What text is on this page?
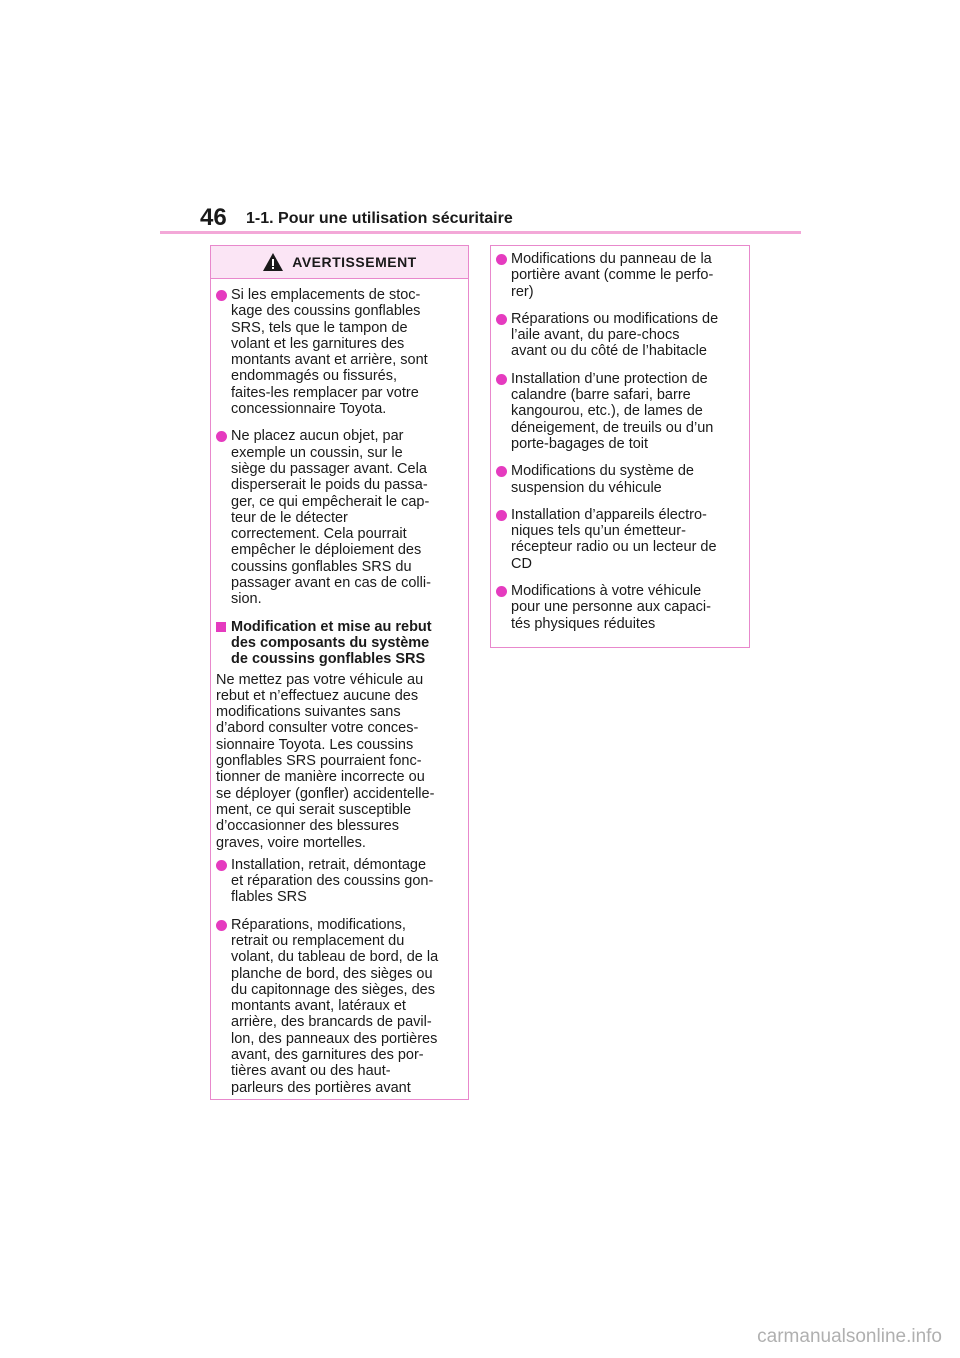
46 1-1. Pour une utilisation sécuritaire
AVERTISSEMENT
Si les emplacements de stoc-
kage des coussins gonflables
SRS, tels que le tampon de
volant et les garnitures des
montants avant et arrière, sont
endommagés ou fissurés,
faites-les remplacer par votre
concessionnaire Toyota.
Ne placez aucun objet, par
exemple un coussin, sur le
siège du passager avant. Cela
disperserait le poids du passa-
ger, ce qui empêcherait le cap-
teur de le détecter
correctement. Cela pourrait
empêcher le déploiement des
coussins gonflables SRS du
passager avant en cas de colli-
sion.
Modification et mise au rebut
des composants du système
de coussins gonflables SRS
Ne mettez pas votre véhicule au
rebut et n’effectuez aucune des
modifications suivantes sans
d’abord consulter votre conces-
sionnaire Toyota. Les coussins
gonflables SRS pourraient fonc-
tionner de manière incorrecte ou
se déployer (gonfler) accidentelle-
ment, ce qui serait susceptible
d’occasionner des blessures
graves, voire mortelles.
Installation, retrait, démontage
et réparation des coussins gon-
flables SRS
Réparations, modifications,
retrait ou remplacement du
volant, du tableau de bord, de la
planche de bord, des sièges ou
du capitonnage des sièges, des
montants avant, latéraux et
arrière, des brancards de pavil-
lon, des panneaux des portières
avant, des garnitures des por-
tières avant ou des haut-
parleurs des portières avant
Modifications du panneau de la
portière avant (comme le perfo-
rer)
Réparations ou modifications de
l’aile avant, du pare-chocs
avant ou du côté de l’habitacle
Installation d’une protection de
calandre (barre safari, barre
kangourou, etc.), de lames de
déneigement, de treuils ou d’un
porte-bagages de toit
Modifications du système de
suspension du véhicule
Installation d’appareils électro-
niques tels qu’un émetteur-
récepteur radio ou un lecteur de
CD
Modifications à votre véhicule
pour une personne aux capaci-
tés physiques réduites
carmanualsonline.info
